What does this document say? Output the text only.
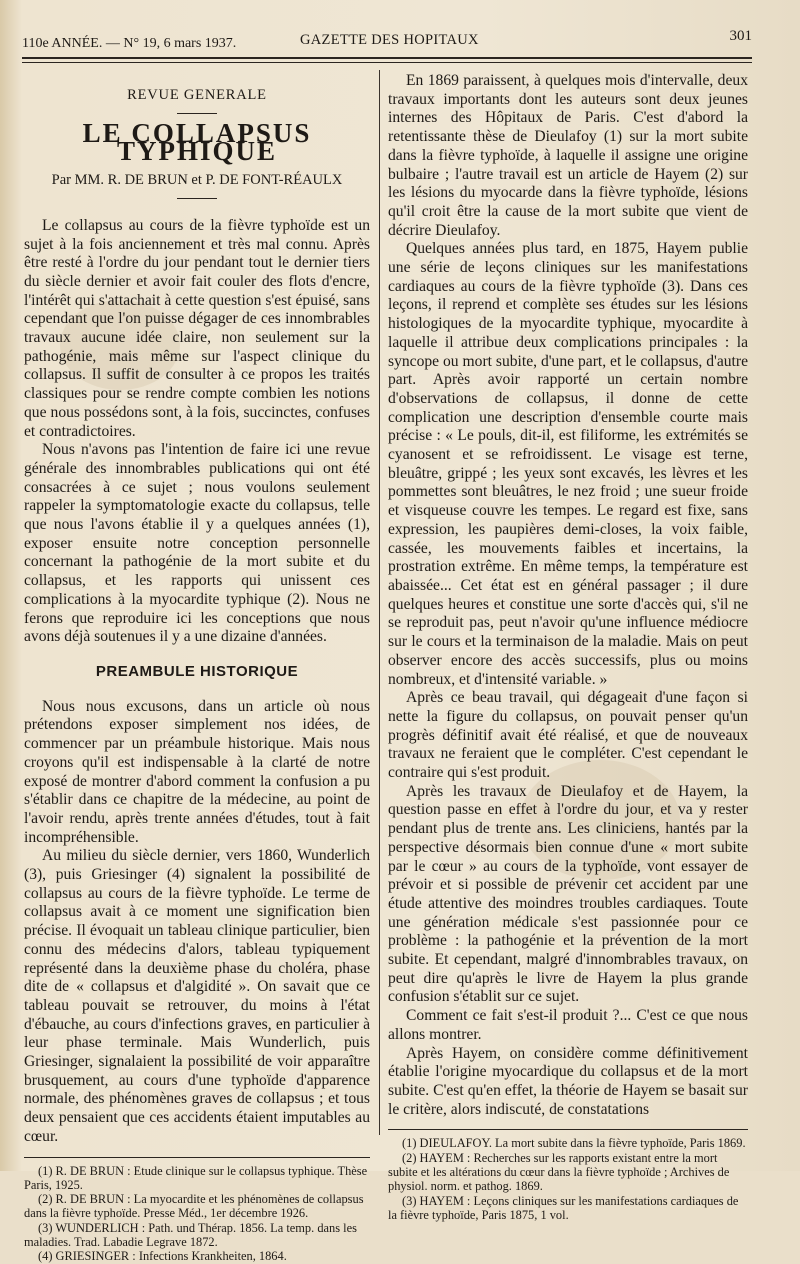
110e ANNÉE. — N° 19, 6 mars 1937.	GAZETTE DES HOPITAUX	301
REVUE GENERALE
LE COLLAPSUS TYPHIQUE
Par MM. R. DE BRUN et P. DE FONT-RÉAULX

Le collapsus au cours de la fièvre typhoïde est un sujet à la fois anciennement et très mal connu. Après être resté à l'ordre du jour pendant tout le dernier tiers du siècle dernier et avoir fait couler des flots d'encre, l'intérêt qui s'attachait à cette question s'est épuisé, sans cependant que l'on puisse dégager de ces innombrables travaux aucune idée claire, non seulement sur la pathogénie, mais même sur l'aspect clinique du collapsus. Il suffit de consulter à ce propos les traités classiques pour se rendre compte combien les notions que nous possédons sont, à la fois, succinctes, confuses et contradictoires.

Nous n'avons pas l'intention de faire ici une revue générale des innombrables publications qui ont été consacrées à ce sujet ; nous voulons seulement rappeler la symptomatologie exacte du collapsus, telle que nous l'avons établie il y a quelques années (1), exposer ensuite notre conception personnelle concernant la pathogénie de la mort subite et du collapsus, et les rapports qui unissent ces complications à la myocardite typhique (2). Nous ne ferons que reproduire ici les conceptions que nous avons déjà soutenues il y a une dizaine d'années.

PREAMBULE HISTORIQUE

Nous nous excusons, dans un article où nous prétendons exposer simplement nos idées, de commencer par un préambule historique. Mais nous croyons qu'il est indispensable à la clarté de notre exposé de montrer d'abord comment la confusion a pu s'établir dans ce chapitre de la médecine, au point de l'avoir rendu, après trente années d'études, tout à fait incompréhensible.

Au milieu du siècle dernier, vers 1860, Wunderlich (3), puis Griesinger (4) signalent la possibilité de collapsus au cours de la fièvre typhoïde. Le terme de collapsus avait à ce moment une signification bien précise. Il évoquait un tableau clinique particulier, bien connu des médecins d'alors, tableau typiquement représenté dans la deuxième phase du choléra, phase dite de « collapsus et d'algidité ». On savait que ce tableau pouvait se retrouver, du moins à l'état d'ébauche, au cours d'infections graves, en particulier à leur phase terminale. Mais Wunderlich, puis Griesinger, signalaient la possibilité de voir apparaître brusquement, au cours d'une typhoïde d'apparence normale, des phénomènes graves de collapsus ; et tous deux pensaient que ces accidents étaient imputables au cœur.

(1) R. DE BRUN : Etude clinique sur le collapsus typhique. Thèse Paris, 1925.

(2) R. DE BRUN : La myocardite et les phénomènes de collapsus dans la fièvre typhoïde. Presse Méd., 1er décembre 1926.

(3) WUNDERLICH : Path. und Thérap. 1856. La temp. dans les maladies. Trad. Labadie Legrave 1872.

(4) GRIESINGER : Infections Krankheiten, 1864.

En 1869 paraissent, à quelques mois d'intervalle, deux travaux importants dont les auteurs sont deux jeunes internes des Hôpitaux de Paris. C'est d'abord la retentissante thèse de Dieulafoy (1) sur la mort subite dans la fièvre typhoïde, à laquelle il assigne une origine bulbaire ; l'autre travail est un article de Hayem (2) sur les lésions du myocarde dans la fièvre typhoïde, lésions qu'il croit être la cause de la mort subite que vient de décrire Dieulafoy.

Quelques années plus tard, en 1875, Hayem publie une série de leçons cliniques sur les manifestations cardiaques au cours de la fièvre typhoïde (3). Dans ces leçons, il reprend et complète ses études sur les lésions histologiques de la myocardite typhique, myocardite à laquelle il attribue deux complications principales : la syncope ou mort subite, d'une part, et le collapsus, d'autre part. Après avoir rapporté un certain nombre d'observations de collapsus, il donne de cette complication une description d'ensemble courte mais précise : « Le pouls, dit-il, est filiforme, les extrémités se cyanosent et se refroidissent. Le visage est terne, bleuâtre, grippé ; les yeux sont excavés, les lèvres et les pommettes sont bleuâtres, le nez froid ; une sueur froide et visqueuse couvre les tempes. Le regard est fixe, sans expression, les paupières demi-closes, la voix faible, cassée, les mouvements faibles et incertains, la prostration extrême. En même temps, la température est abaissée... Cet état est en général passager ; il dure quelques heures et constitue une sorte d'accès qui, s'il ne se reproduit pas, peut n'avoir qu'une influence médiocre sur le cours et la terminaison de la maladie. Mais on peut observer encore des accès successifs, plus ou moins nombreux, et d'intensité variable. »

Après ce beau travail, qui dégageait d'une façon si nette la figure du collapsus, on pouvait penser qu'un progrès définitif avait été réalisé, et que de nouveaux travaux ne feraient que le compléter. C'est cependant le contraire qui s'est produit.

Après les travaux de Dieulafoy et de Hayem, la question passe en effet à l'ordre du jour, et va y rester pendant plus de trente ans. Les cliniciens, hantés par la perspective désormais bien connue d'une « mort subite par le cœur » au cours de la typhoïde, vont essayer de prévoir et si possible de prévenir cet accident par une étude attentive des moindres troubles cardiaques. Toute une génération médicale s'est passionnée pour ce problème : la pathogénie et la prévention de la mort subite. Et cependant, malgré d'innombrables travaux, on peut dire qu'après le livre de Hayem la plus grande confusion s'établit sur ce sujet.

Comment ce fait s'est-il produit ?... C'est ce que nous allons montrer.

Après Hayem, on considère comme définitivement établie l'origine myocardique du collapsus et de la mort subite. C'est qu'en effet, la théorie de Hayem se basait sur le critère, alors indiscuté, de constatations

(1) DIEULAFOY. La mort subite dans la fièvre typhoïde, Paris 1869.

(2) HAYEM : Recherches sur les rapports existant entre la mort subite et les altérations du cœur dans la fièvre typhoïde ; Archives de physiol. norm. et pathog. 1869.

(3) HAYEM : Leçons cliniques sur les manifestations cardiaques de la fièvre typhoïde, Paris 1875, 1 vol.
